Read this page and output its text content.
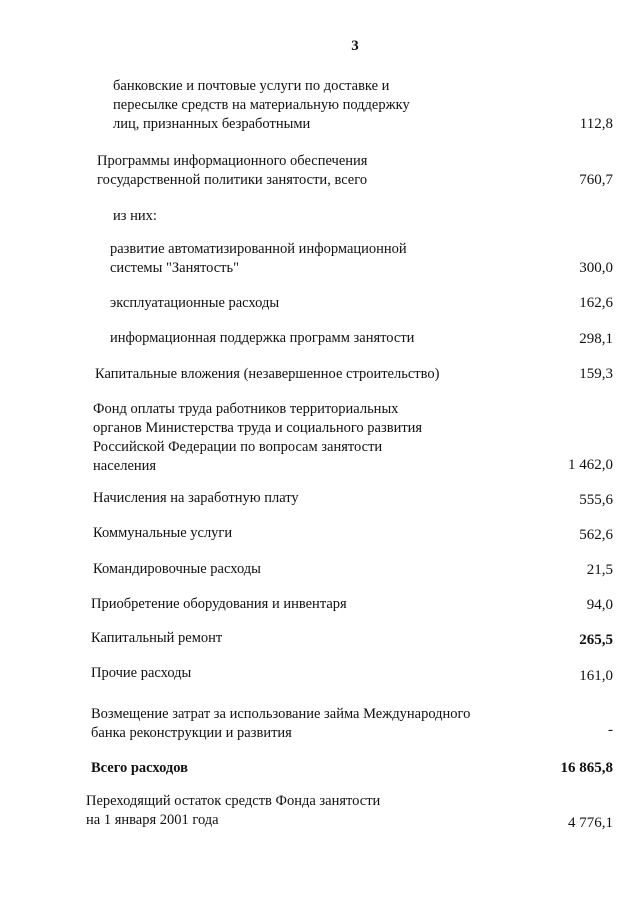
3
банковские и почтовые услуги по доставке и
пересылке средств на материальную поддержку
лиц, признанных безработными	112,8
Программы информационного обеспечения
государственной политики занятости, всего	760,7
из них:
развитие автоматизированной информационной
системы "Занятость"	300,0
эксплуатационные расходы	162,6
информационная поддержка программ занятости	298,1
Капитальные вложения (незавершенное строительство)	159,3
Фонд оплаты труда работников территориальных
органов Министерства труда и социального развития
Российской Федерации по вопросам занятости
населения	1 462,0
Начисления на заработную плату	555,6
Коммунальные услуги	562,6
Командировочные расходы	21,5
Приобретение оборудования и инвентаря	94,0
Капитальный ремонт	265,5
Прочие расходы	161,0
Возмещение затрат за использование займа Международного
банка реконструкции и развития	-
Всего расходов	16 865,8
Переходящий остаток средств Фонда занятости
на 1 января 2001 года	4 776,1
